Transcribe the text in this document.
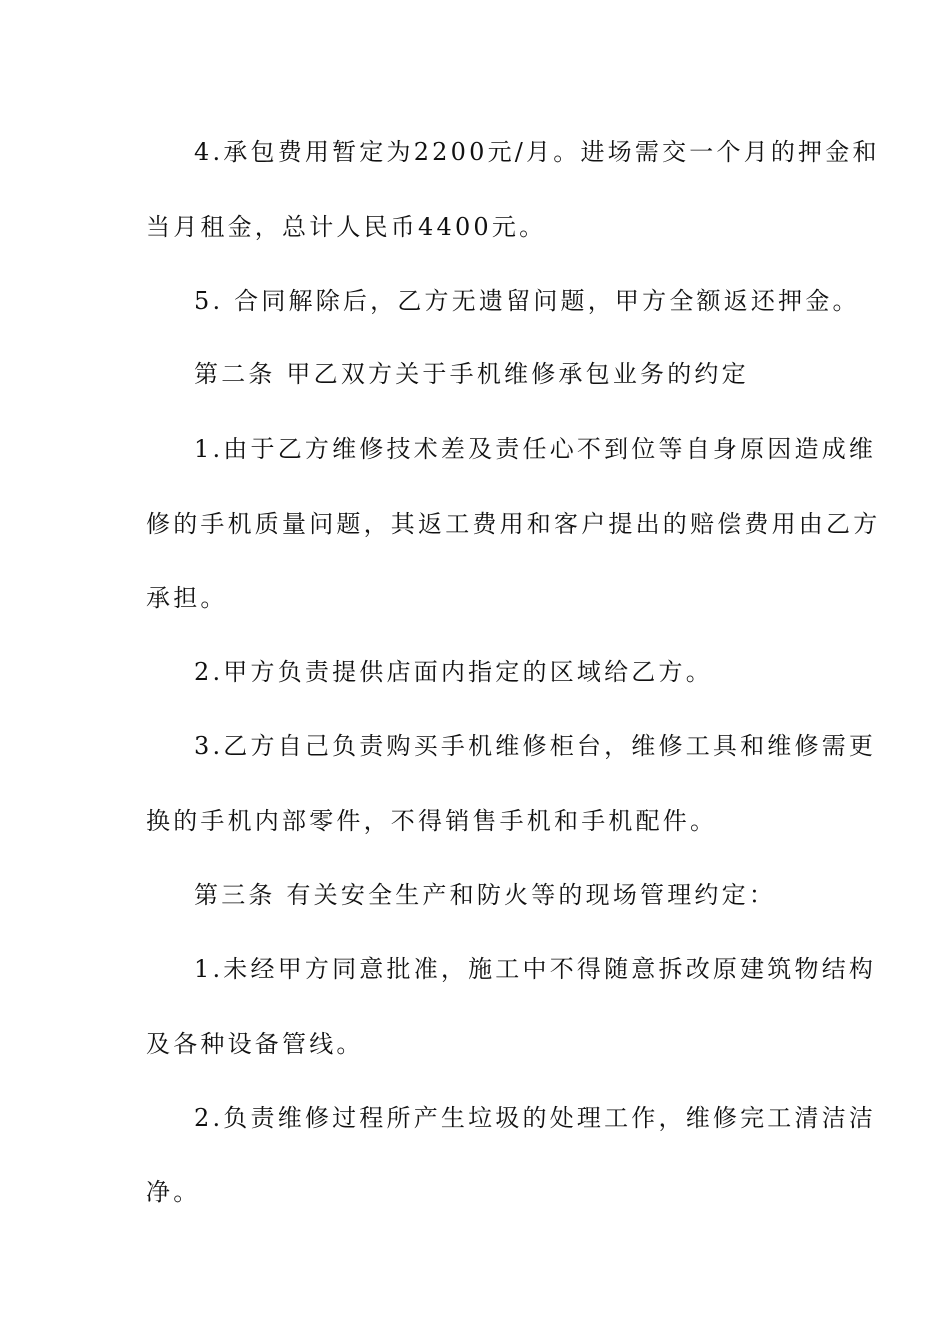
4.承包费用暂定为2200元/月。进场需交一个月的押金和
当月租金，总计人民币4400元。
5. 合同解除后，乙方无遗留问题，甲方全额返还押金。
第二条 甲乙双方关于手机维修承包业务的约定
1.由于乙方维修技术差及责任心不到位等自身原因造成维
修的手机质量问题，其返工费用和客户提出的赔偿费用由乙方
承担。
2.甲方负责提供店面内指定的区域给乙方。
3.乙方自己负责购买手机维修柜台，维修工具和维修需更
换的手机内部零件，不得销售手机和手机配件。
第三条 有关安全生产和防火等的现场管理约定：
1.未经甲方同意批准，施工中不得随意拆改原建筑物结构
及各种设备管线。
2.负责维修过程所产生垃圾的处理工作，维修完工清洁洁
净。
